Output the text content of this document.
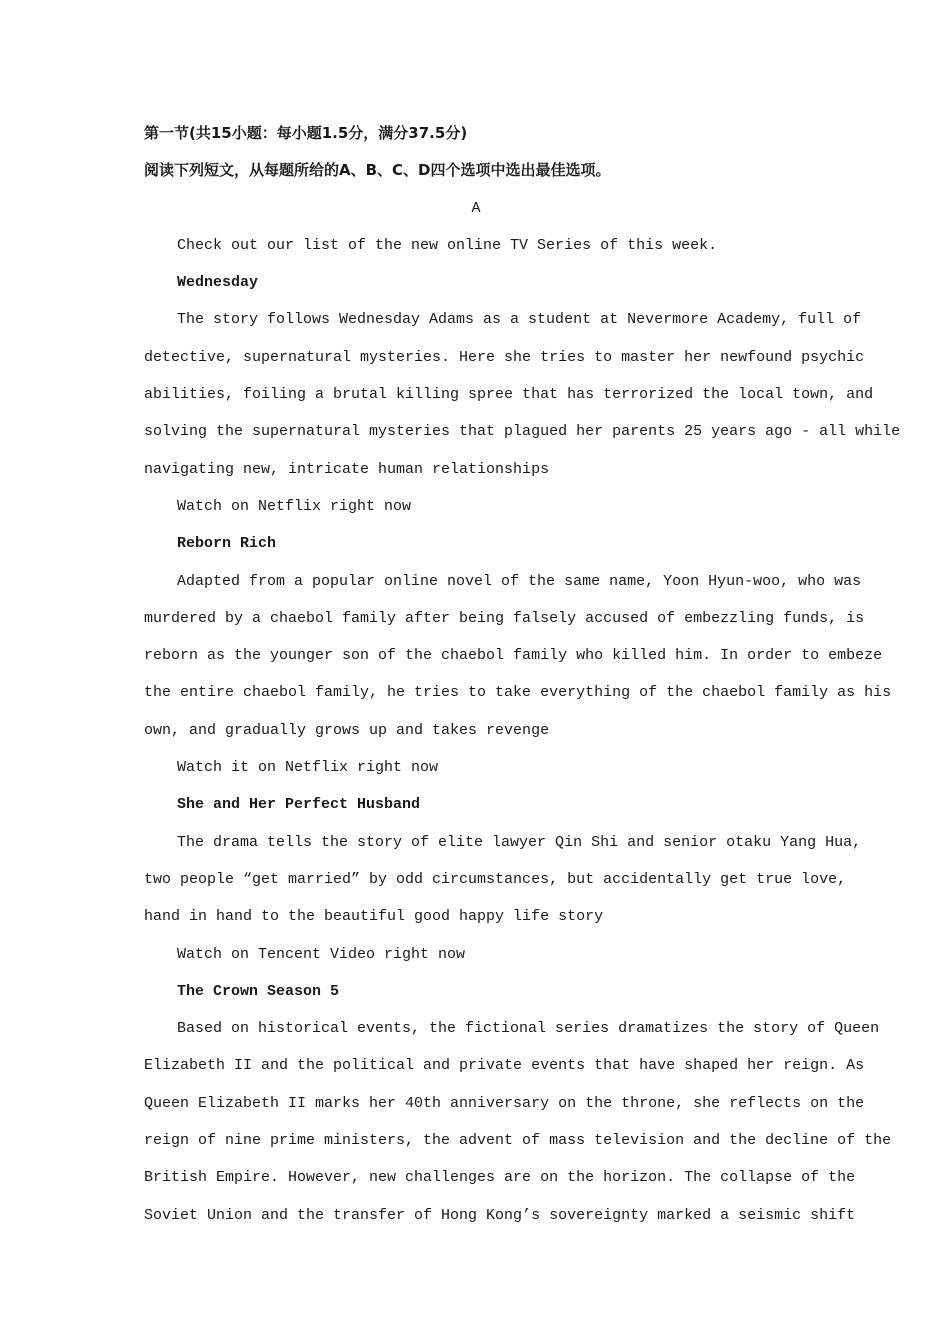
第一节(共15小题：每小题1.5分，满分37.5分)
阅读下列短文，从每题所给的A、B、C、D四个选项中选出最佳选项。
A
Check out our list of the new online TV Series of this week.
Wednesday
The story follows Wednesday Adams as a student at Nevermore Academy, full of
detective, supernatural mysteries. Here she tries to master her newfound psychic
abilities, foiling a brutal killing spree that has terrorized the local town, and
solving the supernatural mysteries that plagued her parents 25 years ago - all while
navigating new, intricate human relationships
Watch on Netflix right now
Reborn Rich
Adapted from a popular online novel of the same name, Yoon Hyun-woo, who was
murdered by a chaebol family after being falsely accused of embezzling funds, is
reborn as the younger son of the chaebol family who killed him. In order to embeze
the entire chaebol family, he tries to take everything of the chaebol family as his
own, and gradually grows up and takes revenge
Watch it on Netflix right now
She and Her Perfect Husband
The drama tells the story of elite lawyer Qin Shi and senior otaku Yang Hua,
two people “get married” by odd circumstances, but accidentally get true love,
hand in hand to the beautiful good happy life story
Watch on Tencent Video right now
The Crown Season 5
Based on historical events, the fictional series dramatizes the story of Queen
Elizabeth II and the political and private events that have shaped her reign. As
Queen Elizabeth II marks her 40th anniversary on the throne, she reflects on the
reign of nine prime ministers, the advent of mass television and the decline of the
British Empire. However, new challenges are on the horizon. The collapse of the
Soviet Union and the transfer of Hong Kong’s sovereignty marked a seismic shift
